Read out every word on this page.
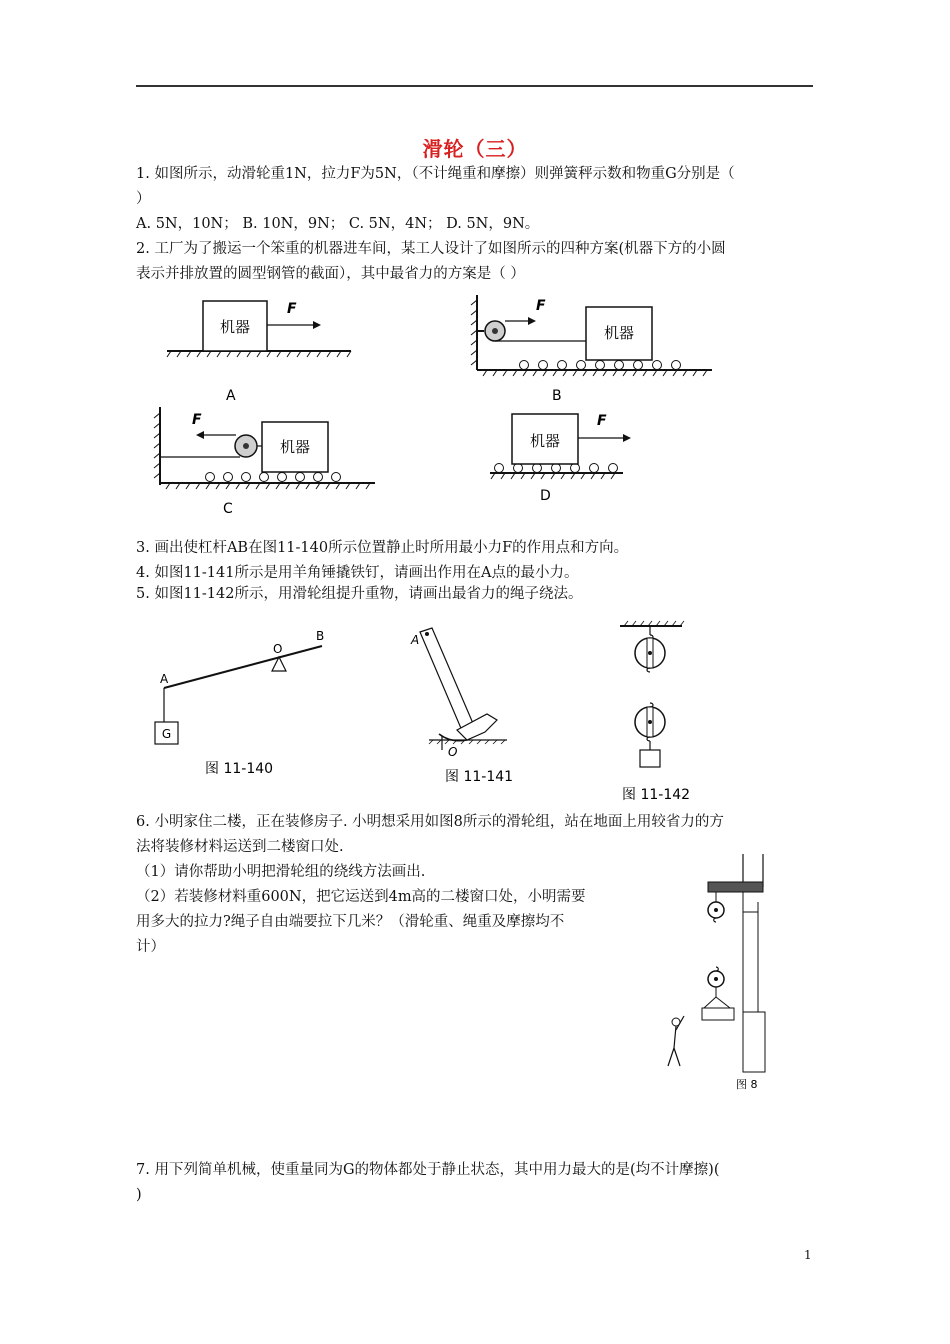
滑轮（三）
1. 如图所示，动滑轮重1N，拉力F为5N，（不计绳重和摩擦）则弹簧秤示数和物重G分别是（
）
A. 5N，10N； B. 10N，9N； C. 5N，4N； D. 5N，9N。
2. 工厂为了搬运一个笨重的机器进车间，某工人设计了如图所示的四种方案(机器下方的小圆
表示并排放置的圆型钢管的截面），其中最省力的方案是（ ）
机器
F
A
F
机器
B
F
机器
C
机器
F
D
3. 画出使杠杆AB在图11-140所示位置静止时所用最小力F的作用点和方向。
4. 如图11-141所示是用羊角锤撬铁钉，请画出作用在A点的最小力。
5. 如图11-142所示，用滑轮组提升重物，请画出最省力的绳子绕法。
O
A
B
G
图 11-140
A
O
图 11-141
图 11-142
6. 小明家住二楼，正在装修房子. 小明想采用如图8所示的滑轮组，站在地面上用较省力的方
法将装修材料运送到二楼窗口处.
（1）请你帮助小明把滑轮组的绕线方法画出.
（2）若装修材料重600N，把它运送到4m高的二楼窗口处，小明需要
用多大的拉力?绳子自由端要拉下几米？（滑轮重、绳重及摩擦均不
计）
图 8
7. 用下列简单机械，使重量同为G的物体都处于静止状态，其中用力最大的是(均不计摩擦)(
)
1
